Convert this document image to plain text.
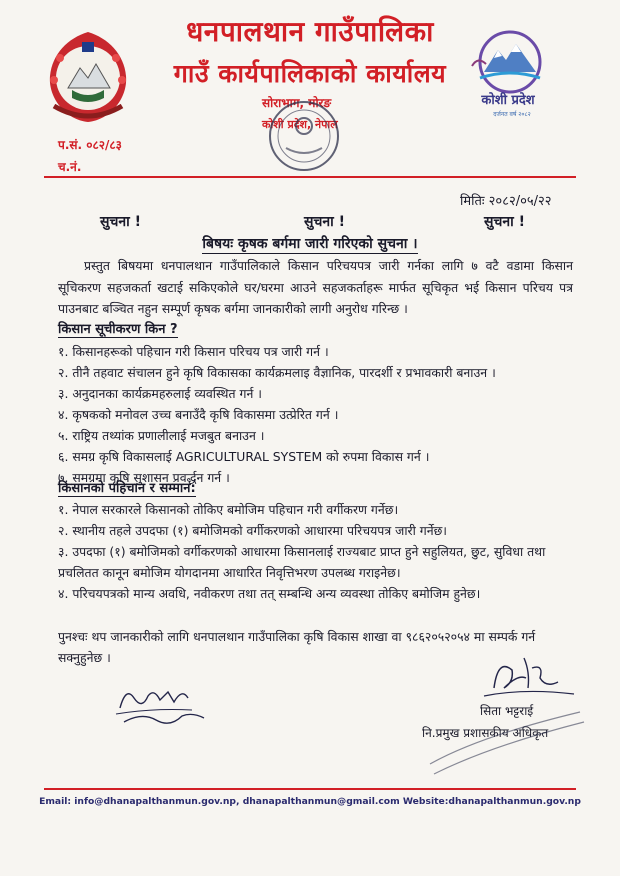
धनपालथान गाउँपालिका
गाउँ कार्यपालिकाको कार्यालय
सोराभाग, मोरङ
कोशी प्रदेश, नेपाल
प.सं. ०८२/८३
च.नं.
कोशी प्रदेश
दर्जनत वर्ष २०८२
मितिः २०८२/०५/२२
सुचना !	सुचना !	सुचना !
बिषयः कृषक बर्गमा जारी गरिएको सुचना ।
प्रस्तुत बिषयमा धनपालथान गाउँपालिकाले किसान परिचयपत्र जारी गर्नका लागि ७ वटै वडामा किसान सूचिकरण सहजकर्ता खटाई सकिएकोले घर/घरमा आउने सहजकर्ताहरू मार्फत सूचिकृत भई किसान परिचय पत्र पाउनबाट बञ्चित नहुन सम्पूर्ण कृषक बर्गमा जानकारीको लागी अनुरोध गरिन्छ ।
किसान सूचीकरण किन ?
१. किसानहरूको पहिचान गरी किसान परिचय पत्र जारी गर्न ।
२. तीनै तहवाट संचालन हुने कृषि विकासका कार्यक्रमलाइ वैज्ञानिक, पारदर्शी र प्रभावकारी बनाउन ।
३. अनुदानका कार्यक्रमहरुलाई व्यवस्थित गर्न ।
४. कृषकको मनोवल उच्च बनाउँदै कृषि विकासमा उत्प्रेरित गर्न ।
५. राष्ट्रिय तथ्यांक प्रणालीलाई मजबुत बनाउन ।
६. समग्र कृषि विकासलाई AGRICULTURAL SYSTEM को रुपमा विकास गर्न ।
७. समग्रमा कृषि सुशासन प्रवर्द्धन गर्न ।
किसानको पहिचान र सम्मान:
१. नेपाल सरकारले किसानको तोकिए बमोजिम पहिचान गरी वर्गीकरण गर्नेछ।
२. स्थानीय तहले उपदफा (१) बमोजिमको वर्गीकरणको आधारमा परिचयपत्र जारी गर्नेछ।
३. उपदफा (१) बमोजिमको वर्गीकरणको आधारमा किसानलाई राज्यबाट प्राप्त हुने सहुलियत, छुट, सुविधा तथा प्रचलितत कानून बमोजिम योगदानमा आधारित निवृत्तिभरण उपलब्ध गराइनेछ।
४. परिचयपत्रको मान्य अवधि, नवीकरण तथा तत् सम्बन्धि अन्य व्यवस्था तोकिए बमोजिम हुनेछ।
पुनश्चः थप जानकारीको लागि धनपालथान गाउँपालिका कृषि विकास शाखा वा ९८६२०५२०५४ मा सम्पर्क गर्न सक्नुहुनेछ ।
सिता भट्टराई
नि.प्रमुख प्रशासकीय अधिकृत
Email: info@dhanapalthanmun.gov.np, dhanapalthanmun@gmail.com Website:dhanapalthanmun.gov.np
